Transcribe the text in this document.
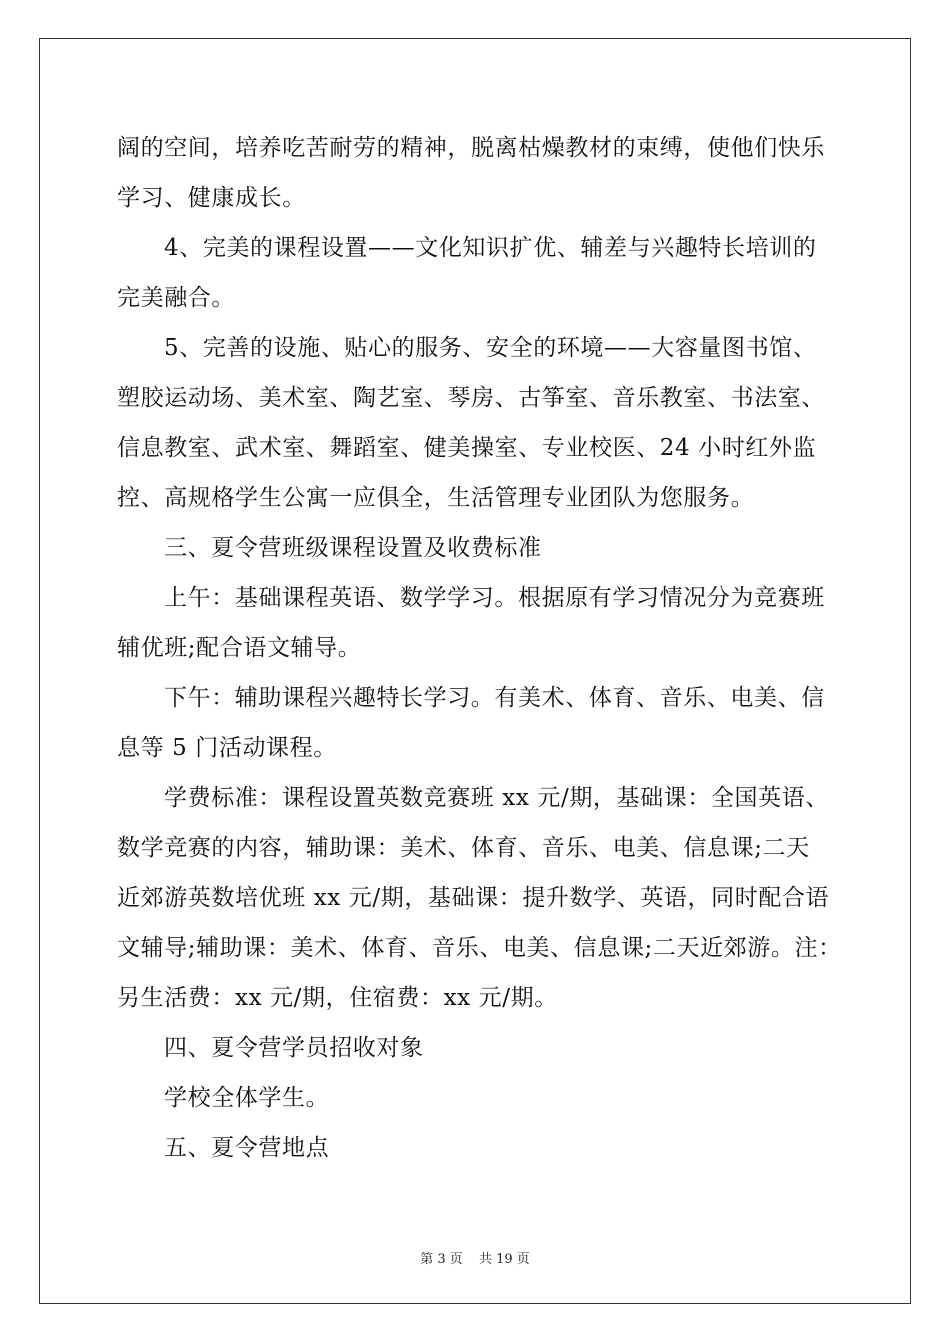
阔的空间，培养吃苦耐劳的精神，脱离枯燥教材的束缚，使他们快乐
学习、健康成长。
4、完美的课程设置——文化知识扩优、辅差与兴趣特长培训的
完美融合。
5、完善的设施、贴心的服务、安全的环境——大容量图书馆、
塑胶运动场、美术室、陶艺室、琴房、古筝室、音乐教室、书法室、
信息教室、武术室、舞蹈室、健美操室、专业校医、24 小时红外监
控、高规格学生公寓一应俱全，生活管理专业团队为您服务。
三、夏令营班级课程设置及收费标准
上午：基础课程英语、数学学习。根据原有学习情况分为竞赛班
辅优班;配合语文辅导。
下午：辅助课程兴趣特长学习。有美术、体育、音乐、电美、信
息等 5 门活动课程。
学费标准：课程设置英数竞赛班 xx 元/期，基础课：全国英语、
数学竞赛的内容，辅助课：美术、体育、音乐、电美、信息课;二天
近郊游英数培优班 xx 元/期，基础课：提升数学、英语，同时配合语
文辅导;辅助课：美术、体育、音乐、电美、信息课;二天近郊游。注：
另生活费：xx 元/期，住宿费：xx 元/期。
四、夏令营学员招收对象
学校全体学生。
五、夏令营地点
第 3 页 共 19 页
